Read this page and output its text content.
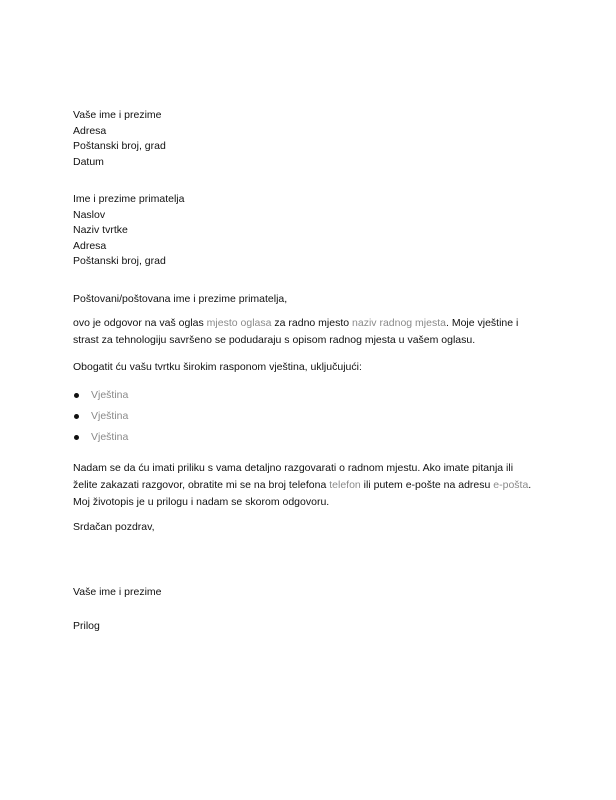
Vaše ime i prezime
Adresa
Poštanski broj, grad
Datum
Ime i prezime primatelja
Naslov
Naziv tvrtke
Adresa
Poštanski broj, grad
Poštovani/poštovana ime i prezime primatelja,
ovo je odgovor na vaš oglas mjesto oglasa za radno mjesto naziv radnog mjesta. Moje vještine i
strast za tehnologiju savršeno se podudaraju s opisom radnog mjesta u vašem oglasu.
Obogatit ću vašu tvrtku širokim rasponom vještina, uključujući:
Vještina
Vještina
Vještina
Nadam se da ću imati priliku s vama detaljno razgovarati o radnom mjestu. Ako imate pitanja ili
želite zakazati razgovor, obratite mi se na broj telefona telefon ili putem e-pošte na adresu e-pošta.
Moj životopis je u prilogu i nadam se skorom odgovoru.
Srdačan pozdrav,
Vaše ime i prezime
Prilog
